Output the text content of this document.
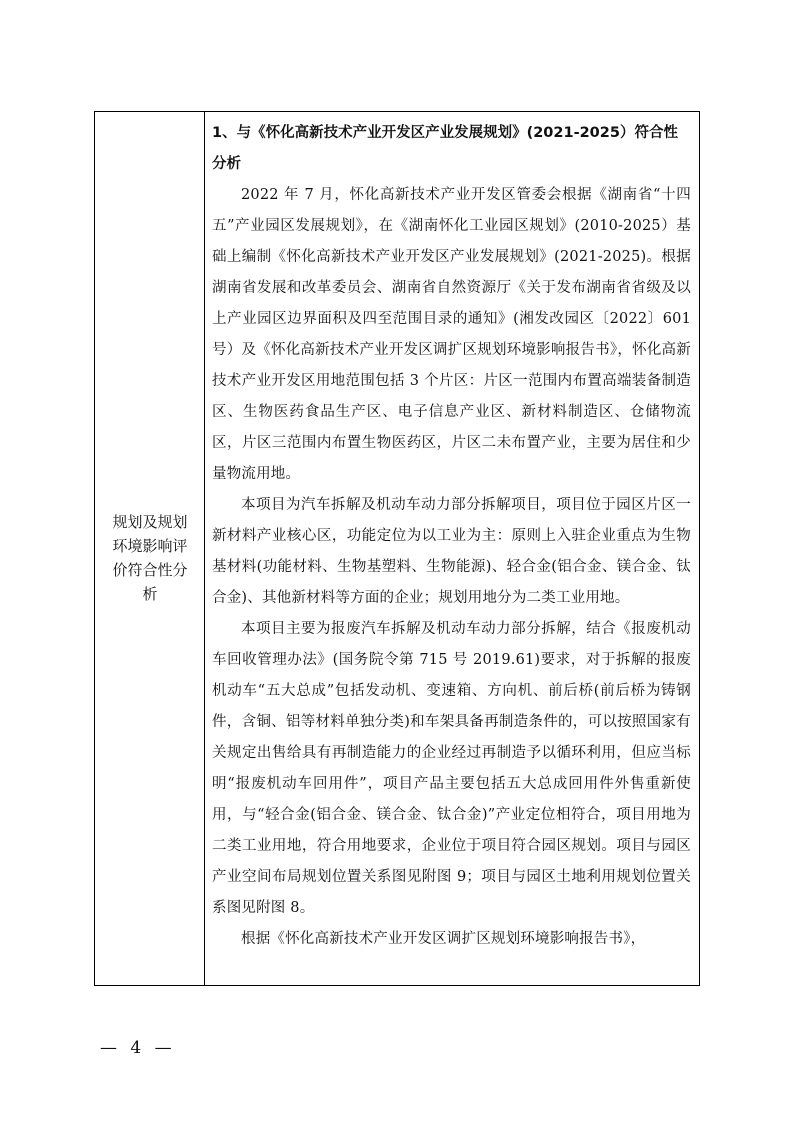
规划及规划
环境影响评
价符合性分
析

1、与《怀化高新技术产业开发区产业发展规划》(2021-2025）符合性分析

2022 年 7 月，怀化高新技术产业开发区管委会根据《湖南省“十四五”产业园区发展规划》，在《湖南怀化工业园区规划》(2010-2025）基础上编制《怀化高新技术产业开发区产业发展规划》(2021-2025)。根据湖南省发展和改革委员会、湖南省自然资源厅《关于发布湖南省省级及以上产业园区边界面积及四至范围目录的通知》(湘发改园区〔2022〕601 号）及《怀化高新技术产业开发区调扩区规划环境影响报告书》，怀化高新技术产业开发区用地范围包括 3 个片区：片区一范围内布置高端装备制造区、生物医药食品生产区、电子信息产业区、新材料制造区、仓储物流区，片区三范围内布置生物医药区，片区二未布置产业，主要为居住和少量物流用地。

本项目为汽车拆解及机动车动力部分拆解项目，项目位于园区片区一新材料产业核心区，功能定位为以工业为主：原则上入驻企业重点为生物基材料(功能材料、生物基塑料、生物能源)、轻合金(铝合金、镁合金、钛合金)、其他新材料等方面的企业；规划用地分为二类工业用地。

本项目主要为报废汽车拆解及机动车动力部分拆解，结合《报废机动车回收管理办法》(国务院令第 715 号 2019.61)要求，对于拆解的报废机动车“五大总成”包括发动机、变速箱、方向机、前后桥(前后桥为铸钢件，含铜、铝等材料单独分类)和车架具备再制造条件的，可以按照国家有关规定出售给具有再制造能力的企业经过再制造予以循环利用，但应当标明“报废机动车回用件”，项目产品主要包括五大总成回用件外售重新使用，与“轻合金(铝合金、镁合金、钛合金)”产业定位相符合，项目用地为二类工业用地，符合用地要求，企业位于项目符合园区规划。项目与园区产业空间布局规划位置关系图见附图 9；项目与园区土地利用规划位置关系图见附图 8。

根据《怀化高新技术产业开发区调扩区规划环境影响报告书》，

— 4 —
